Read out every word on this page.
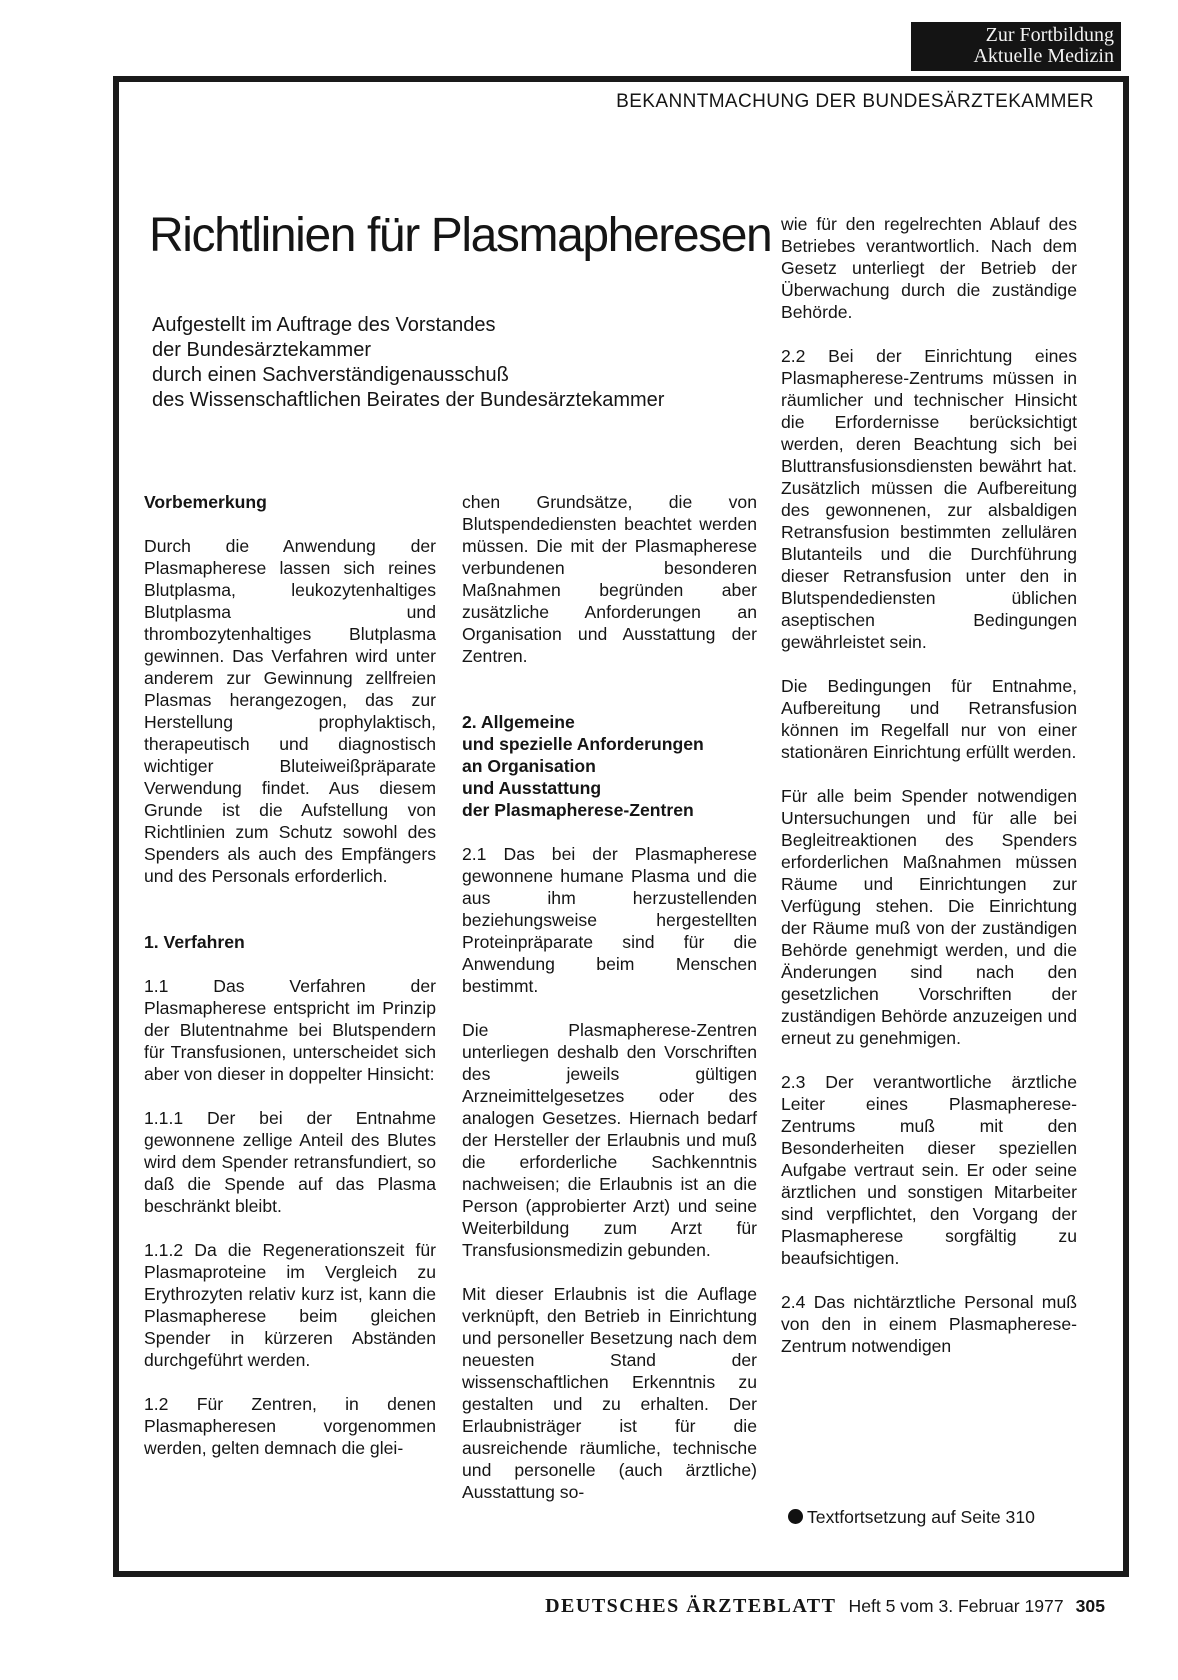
Zur Fortbildung
Aktuelle Medizin
BEKANNTMACHUNG DER BUNDESÄRZTEKAMMER
Richtlinien für Plasmapheresen
Aufgestellt im Auftrage des Vorstandes
der Bundesärztekammer
durch einen Sachverständigenausschuß
des Wissenschaftlichen Beirates der Bundesärztekammer
Vorbemerkung

Durch die Anwendung der Plasmapherese lassen sich reines Blutplasma, leukozytenhaltiges Blutplasma und thrombozytenhaltiges Blutplasma gewinnen. Das Verfahren wird unter anderem zur Gewinnung zellfreien Plasmas herangezogen, das zur Herstellung prophylaktisch, therapeutisch und diagnostisch wichtiger Bluteiweißpräparate Verwendung findet. Aus diesem Grunde ist die Aufstellung von Richtlinien zum Schutz sowohl des Spenders als auch des Empfängers und des Personals erforderlich.

1. Verfahren

1.1 Das Verfahren der Plasmapherese entspricht im Prinzip der Blutentnahme bei Blutspendern für Transfusionen, unterscheidet sich aber von dieser in doppelter Hinsicht:

1.1.1 Der bei der Entnahme gewonnene zellige Anteil des Blutes wird dem Spender retransfundiert, so daß die Spende auf das Plasma beschränkt bleibt.

1.1.2 Da die Regenerationszeit für Plasmaproteine im Vergleich zu Erythrozyten relativ kurz ist, kann die Plasmapherese beim gleichen Spender in kürzeren Abständen durchgeführt werden.

1.2 Für Zentren, in denen Plasmapheresen vorgenommen werden, gelten demnach die glei-

chen Grundsätze, die von Blutspendediensten beachtet werden müssen. Die mit der Plasmapherese verbundenen besonderen Maßnahmen begründen aber zusätzliche Anforderungen an Organisation und Ausstattung der Zentren.

2. Allgemeine
und spezielle Anforderungen
an Organisation
und Ausstattung
der Plasmapherese-Zentren

2.1 Das bei der Plasmapherese gewonnene humane Plasma und die aus ihm herzustellenden beziehungsweise hergestellten Proteinpräparate sind für die Anwendung beim Menschen bestimmt.

Die Plasmapherese-Zentren unterliegen deshalb den Vorschriften des jeweils gültigen Arzneimittelgesetzes oder des analogen Gesetzes. Hiernach bedarf der Hersteller der Erlaubnis und muß die erforderliche Sachkenntnis nachweisen; die Erlaubnis ist an die Person (approbierter Arzt) und seine Weiterbildung zum Arzt für Transfusionsmedizin gebunden.

Mit dieser Erlaubnis ist die Auflage verknüpft, den Betrieb in Einrichtung und personeller Besetzung nach dem neuesten Stand der wissenschaftlichen Erkenntnis zu gestalten und zu erhalten. Der Erlaubnisträger ist für die ausreichende räumliche, technische und personelle (auch ärztliche) Ausstattung so-

wie für den regelrechten Ablauf des Betriebes verantwortlich. Nach dem Gesetz unterliegt der Betrieb der Überwachung durch die zuständige Behörde.

2.2 Bei der Einrichtung eines Plasmapherese-Zentrums müssen in räumlicher und technischer Hinsicht die Erfordernisse berücksichtigt werden, deren Beachtung sich bei Bluttransfusionsdiensten bewährt hat. Zusätzlich müssen die Aufbereitung des gewonnenen, zur alsbaldigen Retransfusion bestimmten zellulären Blutanteils und die Durchführung dieser Retransfusion unter den in Blutspendediensten üblichen aseptischen Bedingungen gewährleistet sein.

Die Bedingungen für Entnahme, Aufbereitung und Retransfusion können im Regelfall nur von einer stationären Einrichtung erfüllt werden.

Für alle beim Spender notwendigen Untersuchungen und für alle bei Begleitreaktionen des Spenders erforderlichen Maßnahmen müssen Räume und Einrichtungen zur Verfügung stehen. Die Einrichtung der Räume muß von der zuständigen Behörde genehmigt werden, und die Änderungen sind nach den gesetzlichen Vorschriften der zuständigen Behörde anzuzeigen und erneut zu genehmigen.

2.3 Der verantwortliche ärztliche Leiter eines Plasmapherese-Zentrums muß mit den Besonderheiten dieser speziellen Aufgabe vertraut sein. Er oder seine ärztlichen und sonstigen Mitarbeiter sind verpflichtet, den Vorgang der Plasmapherese sorgfältig zu beaufsichtigen.

2.4 Das nichtärztliche Personal muß von den in einem Plasmapherese-Zentrum notwendigen

Textfortsetzung auf Seite 310
DEUTSCHES ÄRZTEBLATT Heft 5 vom 3. Februar 1977 305
